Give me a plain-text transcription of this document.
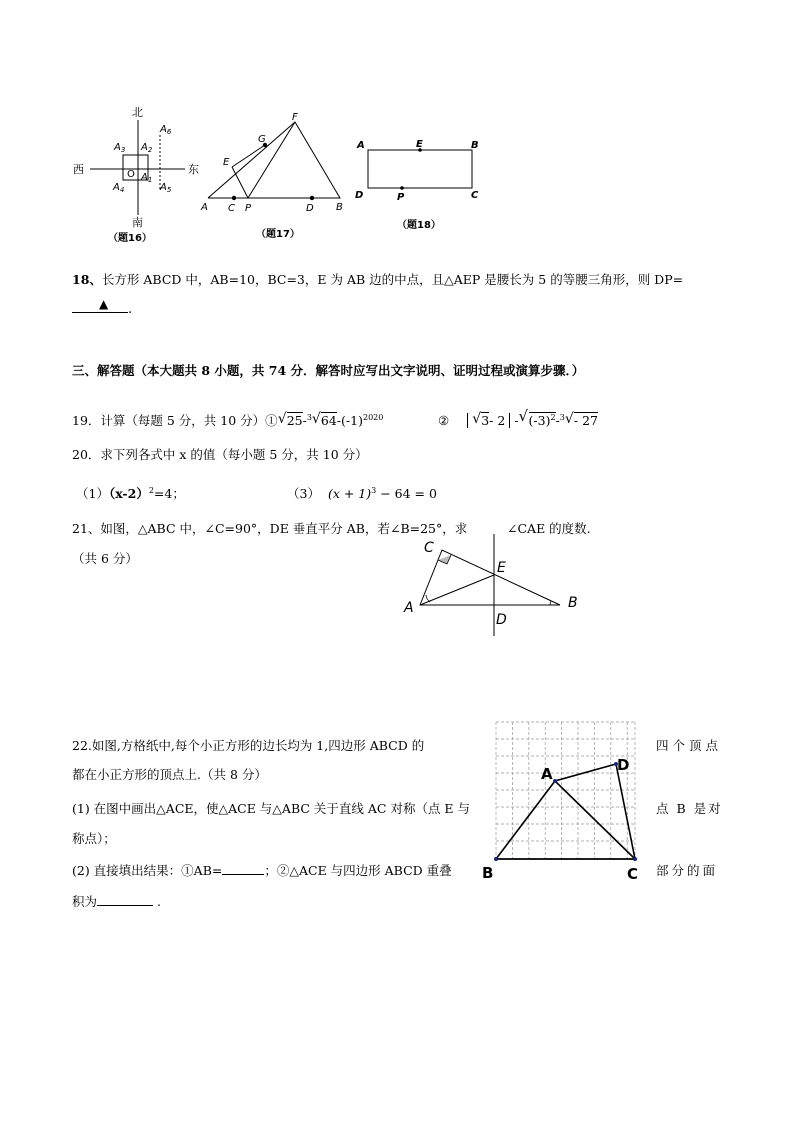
北
南
西	东
O
$A_3$ $A_2$
$A_4$
$A_1$
$A_5$
$A_6$
（题16）
A C P	D B
E
G
F
（题17）
A	E	B
D	P	C
（题18）
18、长方形 ABCD 中，AB=10，BC=3，E 为 AB 边的中点，且△AEP 是腰长为 5 的等腰三角形，则 DP=
▲ .
三、解答题（本大题共 8 小题，共 74 分．解答时应写出文字说明、证明过程或演算步骤．）
19．计算（每题 5 分，共 10 分）① √ 25-$^3$ √ $64-(-1)^{2020}$	② √ 3- 2 - √ $(-3)^2-^3$ √ - 27
20．求下列各式中 x 的值（每小题 5 分，共 10 分）
$(1)(x-2)^2=4$；	（3） $(x + 1)^3 - 64 = 0$
21、如图，△ABC 中，∠C=90°，DE 垂直平分 AB，若∠B=25°，求	∠CAE 的度数.
（共 6 分）
C
E
A	B
D
22.如图,方格纸中,每个小正方形的边长均为 1,四边形 ABCD 的	四个顶点
都在小正方形的顶点上.（共 8 分）
(1) 在图中画出△ACE，使△ACE 与△ABC 关于直线 AC 对称（点 E 与	点 B 是对
称点）；
(2) 直接填出结果：①AB=	；②△ACE 与四边形 ABCD 重叠	部分的面
积为	.
A	D
B	C
